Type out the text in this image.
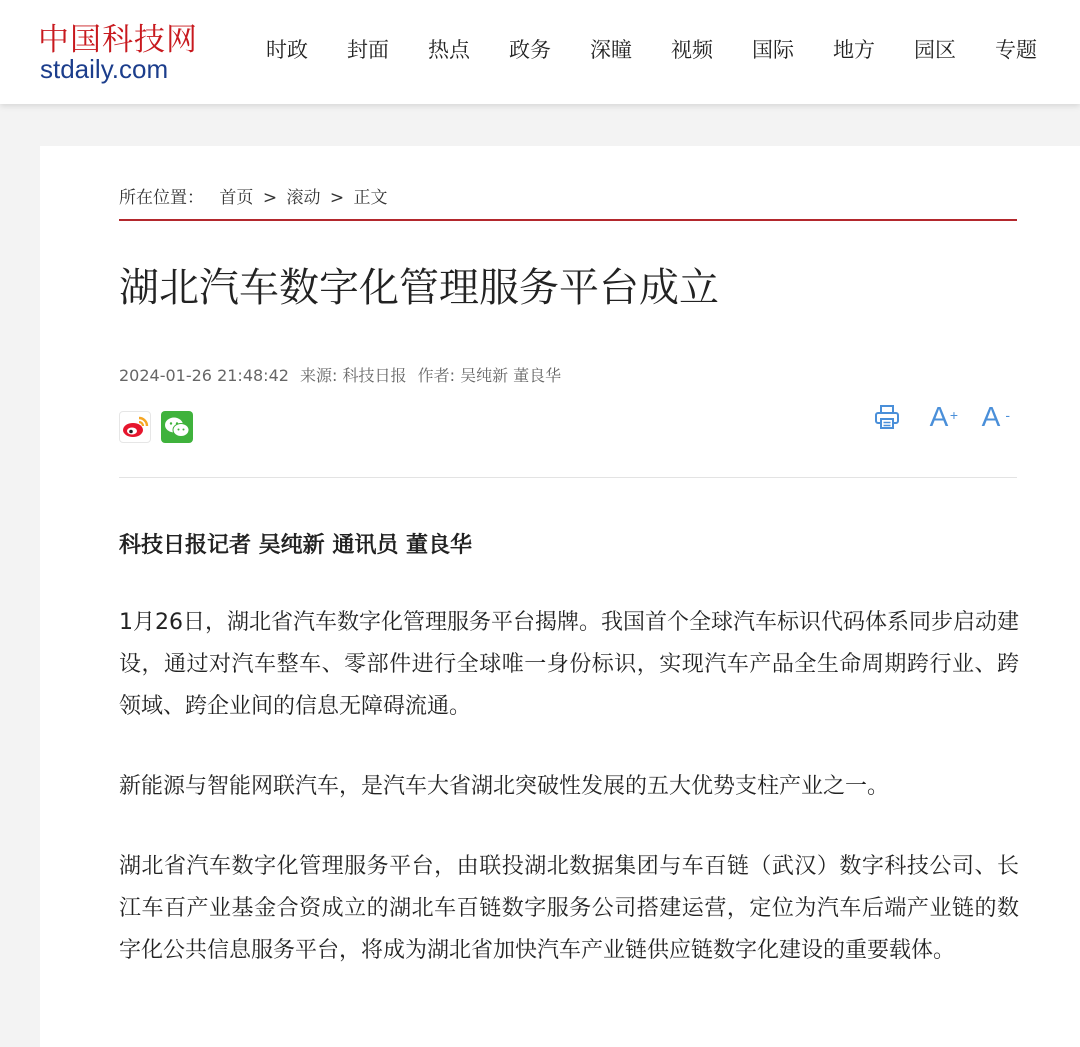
中国科技网
stdaily.com
时政	封面	热点	政务	深瞳	视频	国际	地方	园区	专题
所在位置： 首页 > 滚动 > 正文
湖北汽车数字化管理服务平台成立
2024-01-26 21:48:42 来源: 科技日报 作者: 吴纯新 董良华
A + A -

科技日报记者 吴纯新 通讯员 董良华

1月26日，湖北省汽车数字化管理服务平台揭牌。我国首个全球汽车标识代码体系同步启动建设，通过对汽车整车、零部件进行全球唯一身份标识，实现汽车产品全生命周期跨行业、跨领域、跨企业间的信息无障碍流通。

新能源与智能网联汽车，是汽车大省湖北突破性发展的五大优势支柱产业之一。

湖北省汽车数字化管理服务平台，由联投湖北数据集团与车百链（武汉）数字科技公司、长江车百产业基金合资成立的湖北车百链数字服务公司搭建运营，定位为汽车后端产业链的数字化公共信息服务平台，将成为湖北省加快汽车产业链供应链数字化建设的重要载体。
